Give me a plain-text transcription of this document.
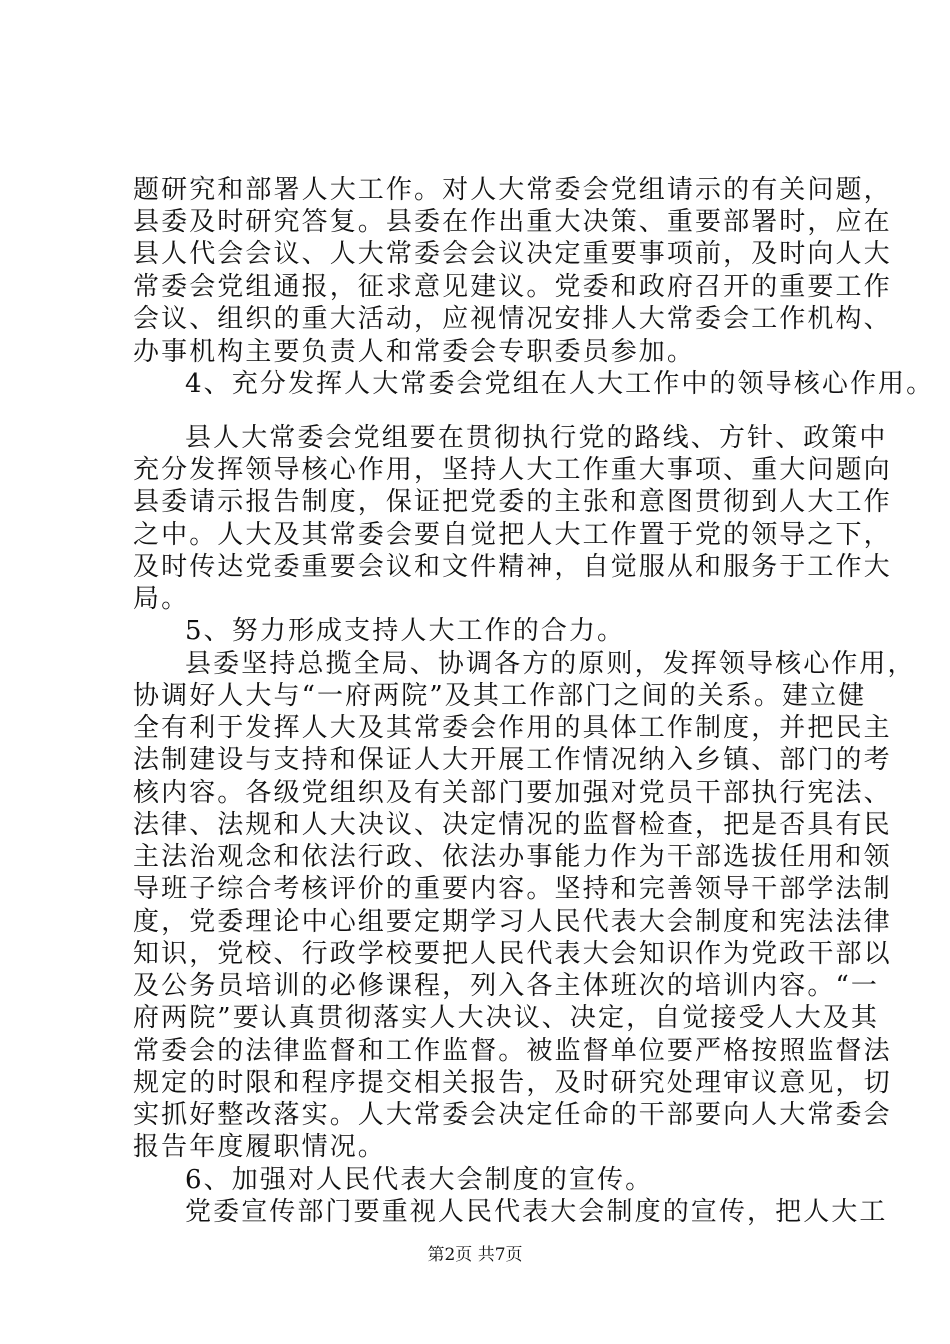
题研究和部署人大工作。对人大常委会党组请示的有关问题，
县委及时研究答复。县委在作出重大决策、重要部署时，应在
县人代会会议、人大常委会会议决定重要事项前，及时向人大
常委会党组通报，征求意见建议。党委和政府召开的重要工作
会议、组织的重大活动，应视情况安排人大常委会工作机构、
办事机构主要负责人和常委会专职委员参加。
4、充分发挥人大常委会党组在人大工作中的领导核心作用。
县人大常委会党组要在贯彻执行党的路线、方针、政策中
充分发挥领导核心作用，坚持人大工作重大事项、重大问题向
县委请示报告制度，保证把党委的主张和意图贯彻到人大工作
之中。人大及其常委会要自觉把人大工作置于党的领导之下，
及时传达党委重要会议和文件精神，自觉服从和服务于工作大
局。
5、努力形成支持人大工作的合力。
县委坚持总揽全局、协调各方的原则，发挥领导核心作用，
协调好人大与“一府两院”及其工作部门之间的关系。建立健
全有利于发挥人大及其常委会作用的具体工作制度，并把民主
法制建设与支持和保证人大开展工作情况纳入乡镇、部门的考
核内容。各级党组织及有关部门要加强对党员干部执行宪法、
法律、法规和人大决议、决定情况的监督检查，把是否具有民
主法治观念和依法行政、依法办事能力作为干部选拔任用和领
导班子综合考核评价的重要内容。坚持和完善领导干部学法制
度，党委理论中心组要定期学习人民代表大会制度和宪法法律
知识，党校、行政学校要把人民代表大会知识作为党政干部以
及公务员培训的必修课程，列入各主体班次的培训内容。“一
府两院”要认真贯彻落实人大决议、决定，自觉接受人大及其
常委会的法律监督和工作监督。被监督单位要严格按照监督法
规定的时限和程序提交相关报告，及时研究处理审议意见，切
实抓好整改落实。人大常委会决定任命的干部要向人大常委会
报告年度履职情况。
6、加强对人民代表大会制度的宣传。
党委宣传部门要重视人民代表大会制度的宣传，把人大工
第2页 共7页
